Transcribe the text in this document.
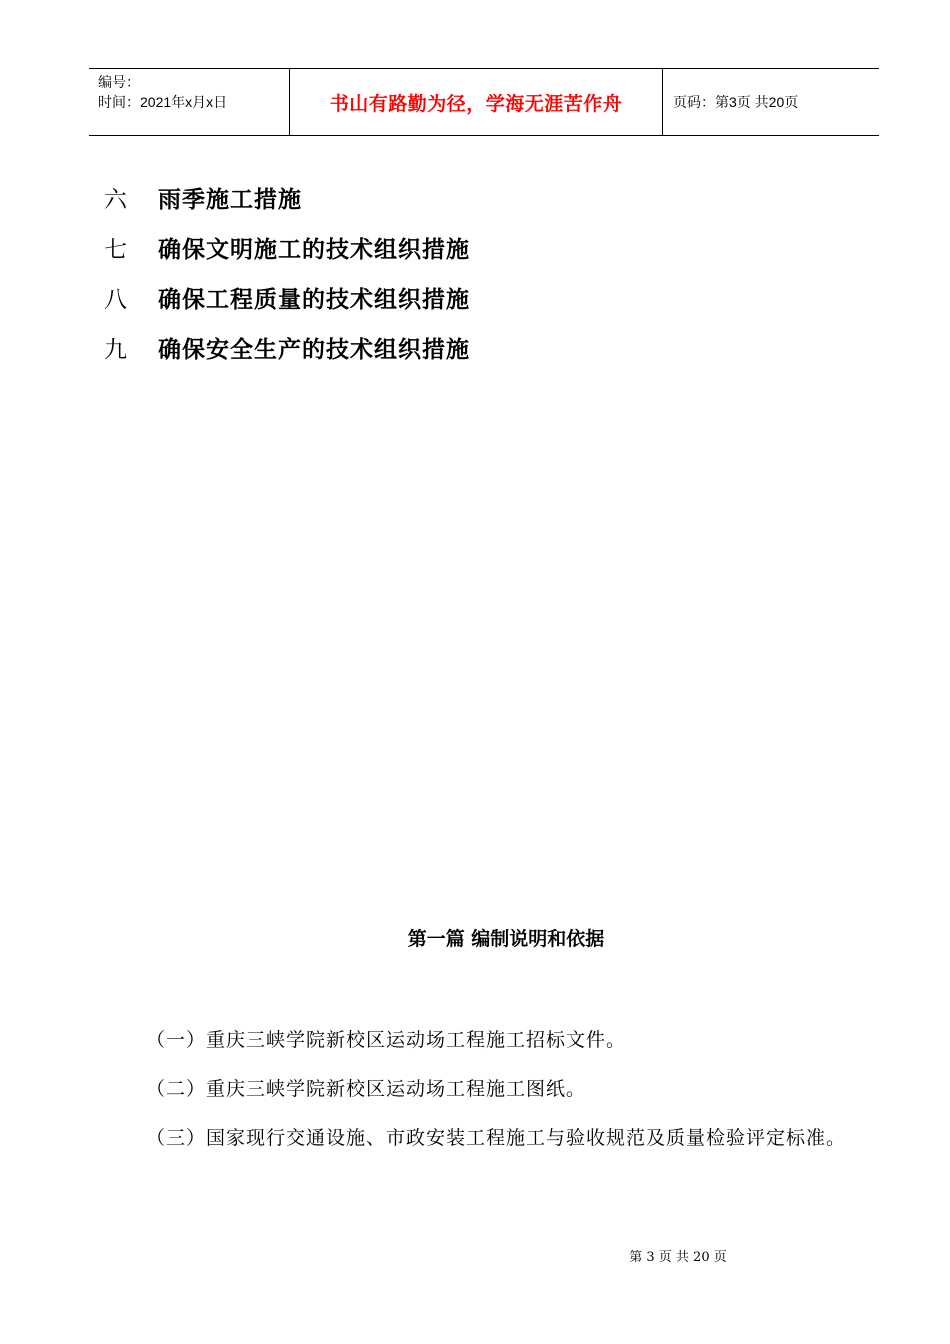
编号：
时间：2021年x月x日	书山有路勤为径，学海无涯苦作舟	页码：第3页 共20页
六	雨季施工措施
七	确保文明施工的技术组织措施
八	确保工程质量的技术组织措施
九	确保安全生产的技术组织措施
第一篇 编制说明和依据
（一）重庆三峡学院新校区运动场工程施工招标文件。
（二）重庆三峡学院新校区运动场工程施工图纸。
（三）国家现行交通设施、市政安装工程施工与验收规范及质量检验评定标准。
第 3 页 共 20 页
